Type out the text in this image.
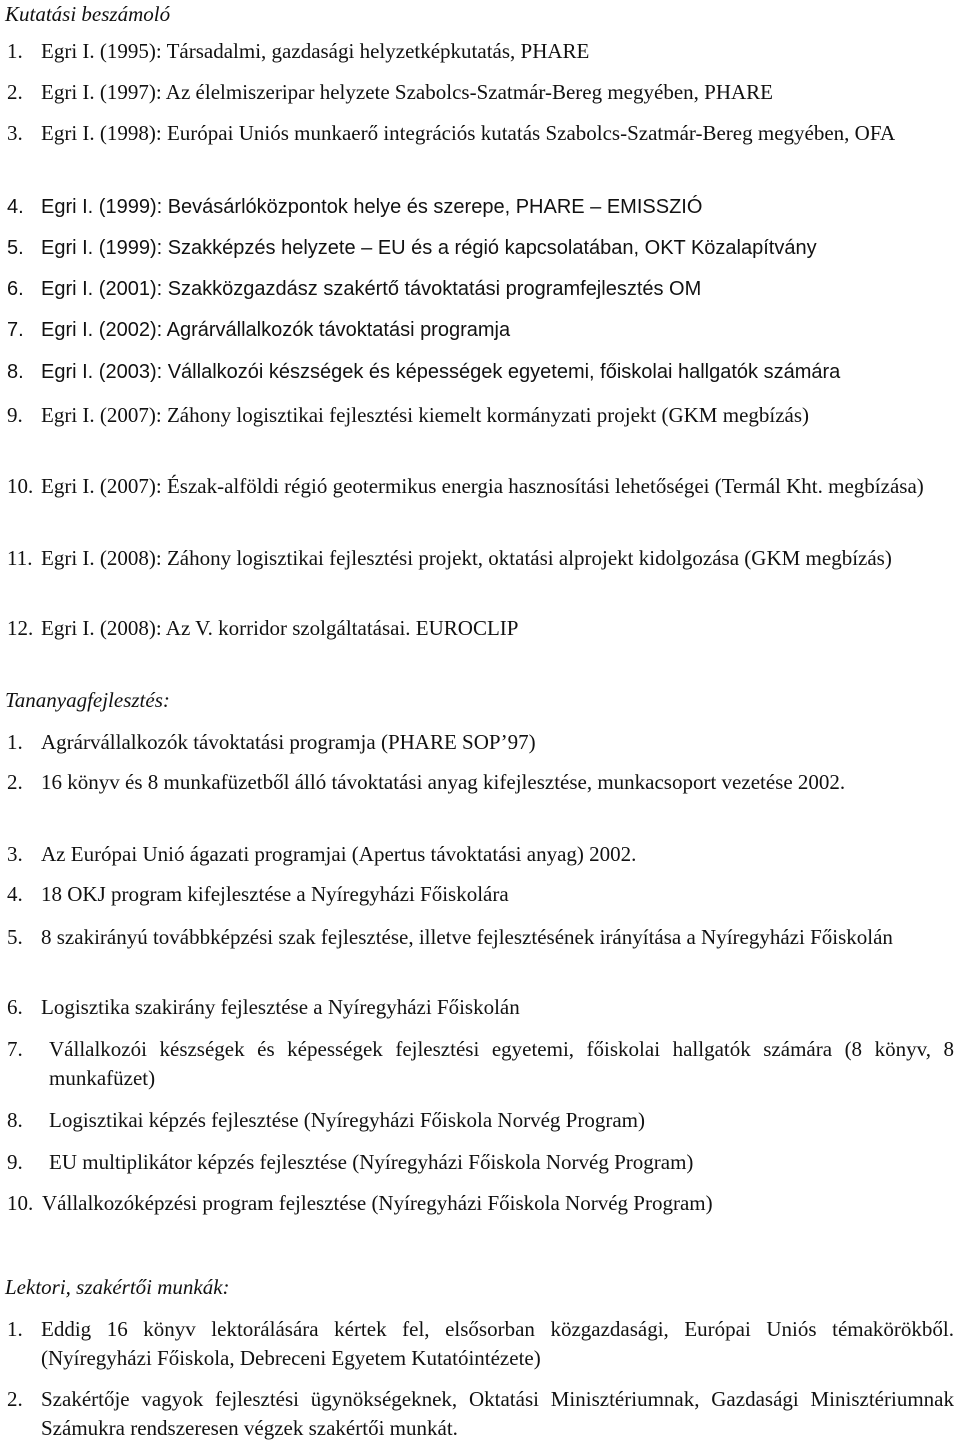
Kutatási beszámoló
1. Egri I. (1995): Társadalmi, gazdasági helyzetképkutatás, PHARE
2. Egri I. (1997): Az élelmiszeripar helyzete Szabolcs-Szatmár-Bereg megyében, PHARE
3. Egri I. (1998): Európai Uniós munkaerő integrációs kutatás Szabolcs-Szatmár-Bereg megyében, OFA
4. Egri I. (1999): Bevásárlóközpontok helye és szerepe, PHARE – EMISSZIÓ
5. Egri I. (1999): Szakképzés helyzete – EU és a régió kapcsolatában, OKT Közalapítvány
6. Egri I. (2001): Szakközgazdász szakértő távoktatási programfejlesztés OM
7. Egri I. (2002): Agrárvállalkozók távoktatási programja
8. Egri I. (2003): Vállalkozói készségek és képességek egyetemi, főiskolai hallgatók számára
9. Egri I. (2007): Záhony logisztikai fejlesztési kiemelt kormányzati projekt (GKM megbízás)
10. Egri I. (2007): Észak-alföldi régió geotermikus energia hasznosítási lehetőségei (Termál Kht. megbízása)
11. Egri I. (2008): Záhony logisztikai fejlesztési projekt, oktatási alprojekt kidolgozása (GKM megbízás)
12. Egri I. (2008): Az V. korridor szolgáltatásai. EUROCLIP
Tananyagfejlesztés:
1. Agrárvállalkozók távoktatási programja (PHARE SOP’97)
2. 16 könyv és 8 munkafüzetből álló távoktatási anyag kifejlesztése, munkacsoport vezetése 2002.
3. Az Európai Unió ágazati programjai (Apertus távoktatási anyag) 2002.
4. 18 OKJ program kifejlesztése a Nyíregyházi Főiskolára
5. 8 szakirányú továbbképzési szak fejlesztése, illetve fejlesztésének irányítása a Nyíregyházi Főiskolán
6. Logisztika szakirány fejlesztése a Nyíregyházi Főiskolán
7.	Vállalkozói készségek és képességek fejlesztési egyetemi, főiskolai hallgatók számára (8 könyv, 8 munkafüzet)
8.	Logisztikai képzés fejlesztése (Nyíregyházi Főiskola Norvég Program)
9.	EU multiplikátor képzés fejlesztése (Nyíregyházi Főiskola Norvég Program)
10. Vállalkozóképzési program fejlesztése (Nyíregyházi Főiskola Norvég Program)
Lektori, szakértői munkák:
1. Eddig 16 könyv lektorálására kértek fel, elsősorban közgazdasági, Európai Uniós témakörökből. (Nyíregyházi Főiskola, Debreceni Egyetem Kutatóintézete)
2. Szakértője vagyok fejlesztési ügynökségeknek, Oktatási Minisztériumnak, Gazdasági Minisztériumnak Számukra rendszeresen végzek szakértői munkát.
